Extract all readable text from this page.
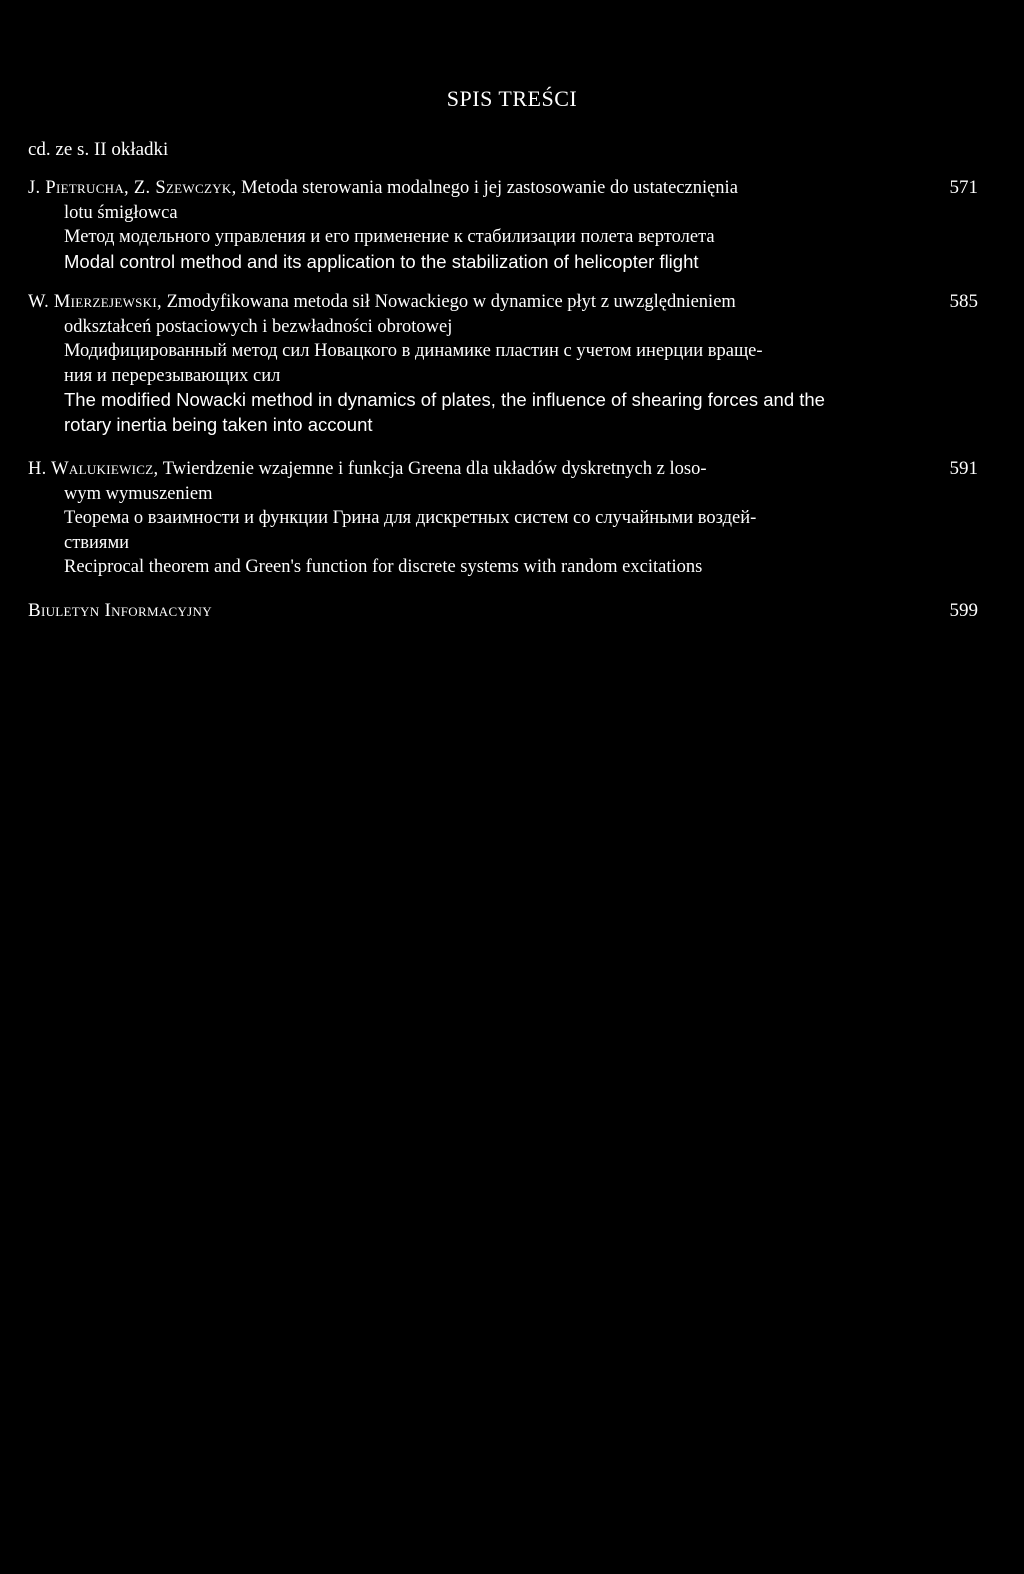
SPIS TREŚCI
cd. ze s. II okładki
J. Pietrucha, Z. Szewczyk, Metoda sterowania modalnego i jej zastosowanie do ustatecznięnia	571
lotu śmigłowca
Метод модельного управления и его применение к стабилизации полета вертолета
Modal control method and its application to the stabilization of helicopter flight
W. Mierzejewski, Zmodyfikowana metoda sił Nowackiego w dynamice płyt z uwzględnieniem	585
odkształceń postaciowych i bezwładności obrotowej
Модифицированный метод сил Новацкого в динамике пластин с учетом инерции враще-
ния и перерезывающих сил
The modified Nowacki method in dynamics of plates, the influence of shearing forces and the
rotary inertia being taken into account
H. Walukiewicz, Twierdzenie wzajemne i funkcja Greena dla układów dyskretnych z loso-	591
wym wymuszeniem
Теорема о взаимности и функции Грина для дискретных систем со случайными воздей-
ствиями
Reciprocal theorem and Green's function for discrete systems with random excitations
Biuletyn Informacyjny	599
